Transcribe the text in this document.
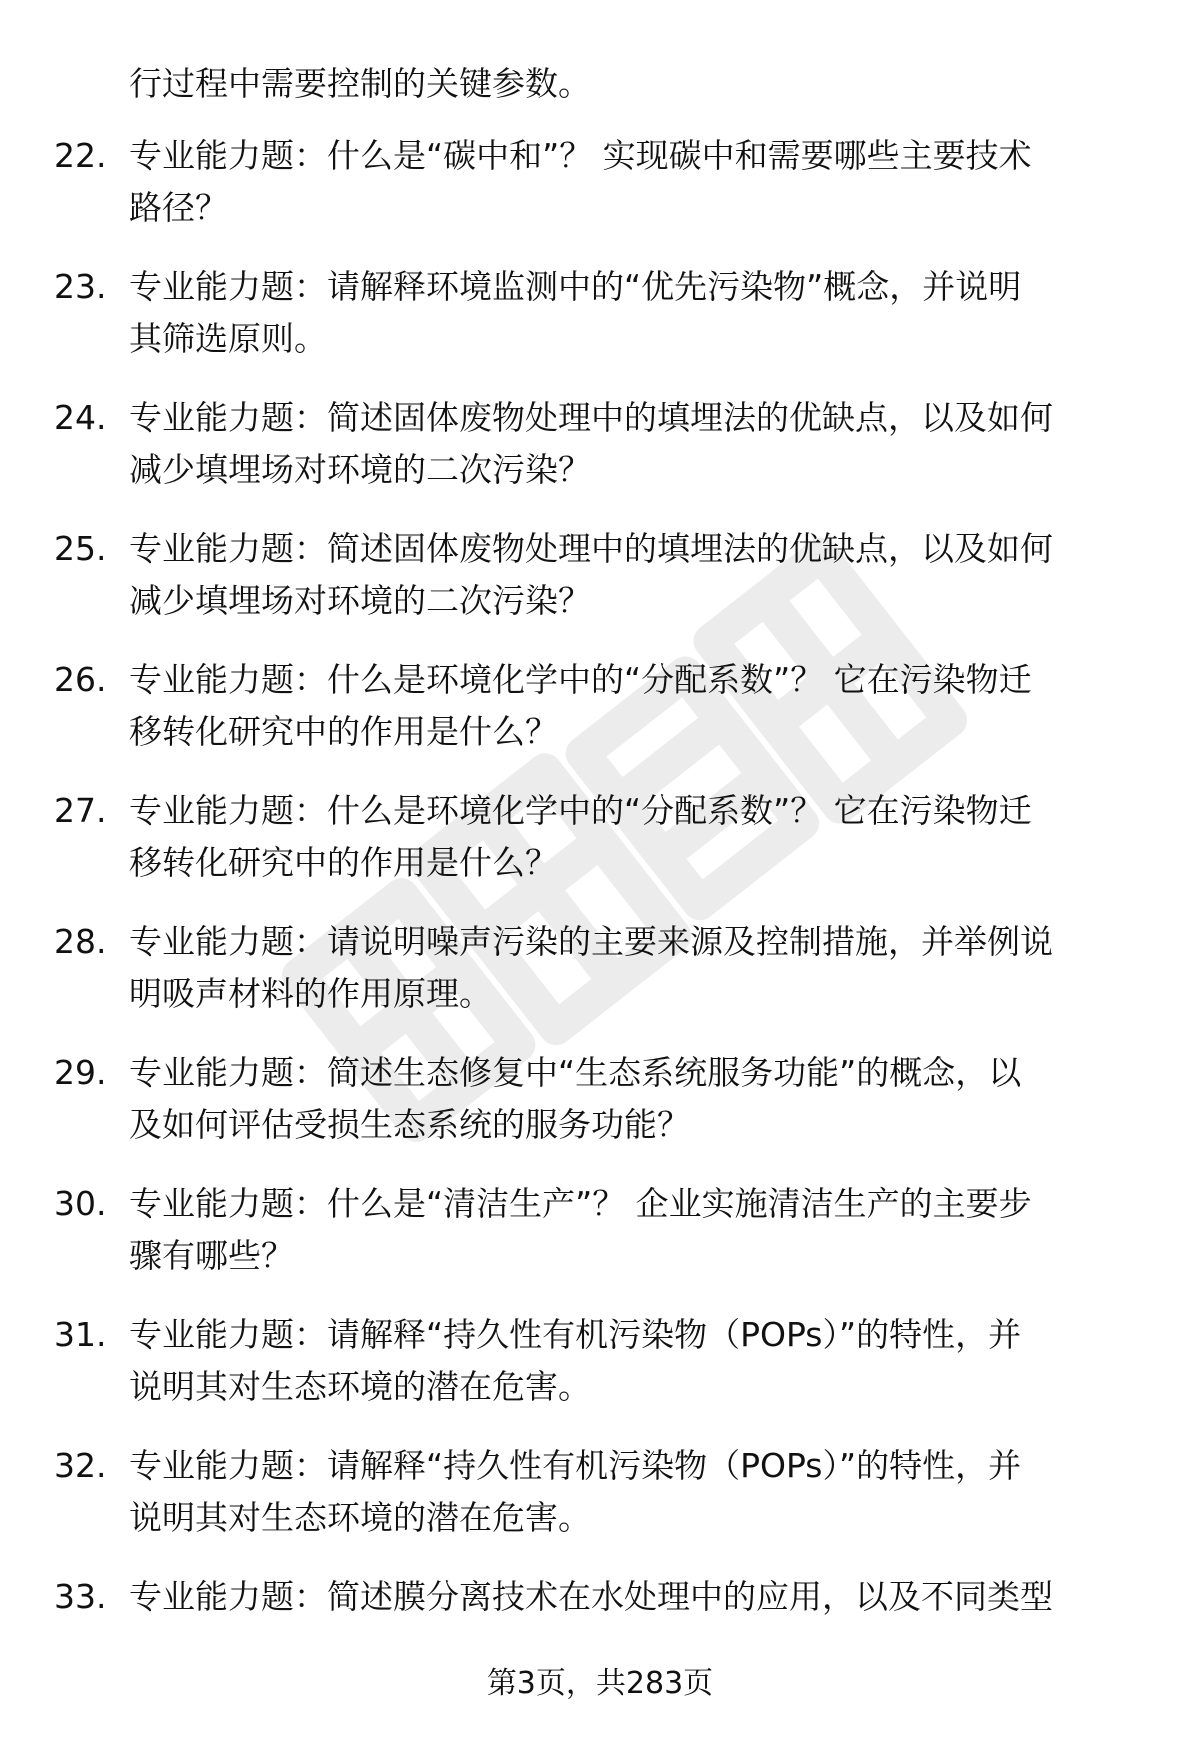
行过程中需要控制的关键参数。
22. 专业能力题：什么是“碳中和”？ 实现碳中和需要哪些主要技术
路径？
23. 专业能力题：请解释环境监测中的“优先污染物”概念，并说明
其筛选原则。
24. 专业能力题：简述固体废物处理中的填埋法的优缺点，以及如何
减少填埋场对环境的二次污染？
25. 专业能力题：简述固体废物处理中的填埋法的优缺点，以及如何
减少填埋场对环境的二次污染？
26. 专业能力题：什么是环境化学中的“分配系数”？ 它在污染物迁
移转化研究中的作用是什么？
27. 专业能力题：什么是环境化学中的“分配系数”？ 它在污染物迁
移转化研究中的作用是什么？
28. 专业能力题：请说明噪声污染的主要来源及控制措施，并举例说
明吸声材料的作用原理。
29. 专业能力题：简述生态修复中“生态系统服务功能”的概念，以
及如何评估受损生态系统的服务功能？
30. 专业能力题：什么是“清洁生产”？ 企业实施清洁生产的主要步
骤有哪些？
31. 专业能力题：请解释“持久性有机污染物（POPs）”的特性，并
说明其对生态环境的潜在危害。
32. 专业能力题：请解释“持久性有机污染物（POPs）”的特性，并
说明其对生态环境的潜在危害。
33. 专业能力题：简述膜分离技术在水处理中的应用，以及不同类型
第3页，共283页
